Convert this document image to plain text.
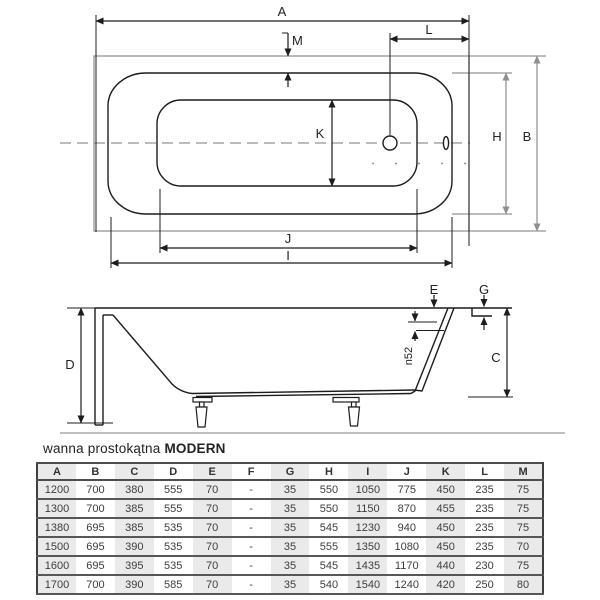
A
L
M
K	H B
J
I
D
E	G
C
n52
wanna prostokątna MODERN
A	B	C	D	E	F	G	H	I	J	K	L	M
1200	700	380	555	70	-	35	550	1050	775	450	235	75
1300	700	385	555	70	-	35	550	1150	870	455	235	75
1380	695	385	535	70	-	35	545	1230	940	450	235	75
1500	695	390	535	70	-	35	555	1350	1080	450	235	70
1600	695	395	535	70	-	35	545	1435	1170	440	230	75
1700	700	390	585	70	-	35	540	1540	1240	420	250	80
